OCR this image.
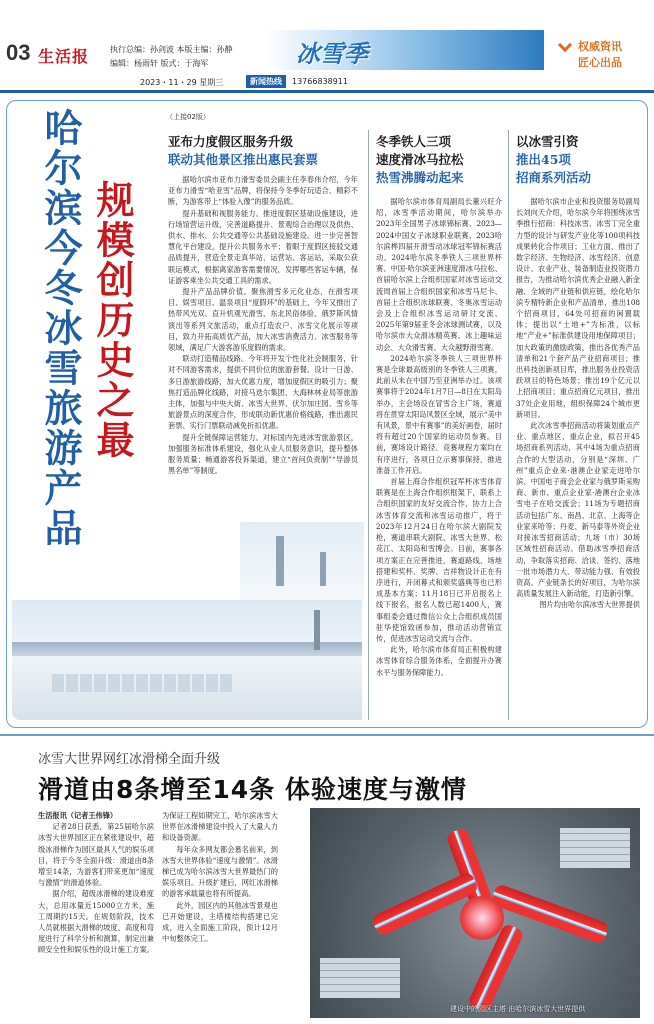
03 生活报	执行总编：孙剑波 本版主编：孙静
编辑：杨雨轩 版式：于海军	冰雪季	权威资讯
匠心出品
2023・11・29 星期三	新闻热线	13766838911
（上接02版）
规模创历史之最
哈尔滨今冬冰雪旅游产品	亚布力度假区服务升级
联动其他景区推出惠民套票

据哈尔滨市亚布力滑雪委员会副主任李春伟介绍，今年亚布力滑雪“哈亚雪”品牌，将保持今冬季好玩适合、精彩不断，为游客带上“体验入像”的服务品质。

提升基础和视服务能力。推进度假区基础设施建设，进行场馆营运升级，完善道路提升、景观综合治理以及供热、供水、排水、公共交通等公共基础设施建设。进一步完善智慧化平台建设，提升公共服务水平；着眼于度假区接驳交通品质提升，营造全景走真华站、运营站、客运站，采取公获联运模式，根据离家游客需要情况，发挥哪些客运车辆，保证游客乘坐公共交通工具的需求。

提升产品品牌价值。聚焦滑雪多元化业态，在滑雪项目、娱雪项目、温泉项目“度假环”的基础上，今年又推出了热带风光双、直升机观光滑雪、东北民俗体验、俄罗斯风情演出等系列文旅活动，重点打造农户、冰雪文化展示等项目，致力开拓高质优产品，加大冰雪消费活力、冰雪服务等领域，满足广大游客游乐度假的需求。

联动打造精品线路。今年将开发个性化社会制服务，针对不同游客需求，提供不同价位的旅游套餐、设计一日游、多日游旅游线路，加大优惠力度，增加度假区的吸引力；聚焦打造品牌化线路，对接马迭尔集团、大海林林业局等旅游主体，加强与中央大街、冰雪大世界、伏尔加庄园、雪乡等旅游景点的深度合作，形成联动新优惠价格线路，推出惠民套票、实行门票联动减免折扣优惠。

提升全链保障运营能力。对标国内先进冰雪旅游景区，加强服务标准体系建设，强化从业人员服务意识，提升整体服务质量；畅通游客投诉渠道，建立“首问负责制”“导游员黑名单”等制度。

冬季铁人三项
速度滑冰马拉松
热雪沸腾动起来

据哈尔滨市体育局副局长董兴旺介绍，冰雪季活动期间，哈尔滨举办2023年全国男子冰球锦标赛、2023—2024中国女子冰球职业联赛、2023哈尔滨桦四届开滑雪动冰球冠军锦标赛活动、2024哈尔滨冬季铁人三项世界杯赛、中国·哈尔滨亚洲速度滑冰马拉松、首届哈尔滨上合组织国家对冰雪运动交流周首届上合组织国家和冰雪马尼卡、首届上合组织冰球联赛、冬奥冰雪运动会及上合组织冰雪运动研讨交流、2025年第9届亚冬会冰球测试赛，以及哈尔滨市大众滑冰精英赛、冰上趣味运动会、大众滑雪赛、大众越野滑雪赛。

2024哈尔滨冬季铁人三项世界杯赛是全球最高级别的冬季铁人三项赛，此前从未在中国乃至亚洲举办过。该项赛事将于2024年1月7日—8日在太阳岛举办，主会场设在冒雪合主广场，赛道将在贯穿太阳岛风景区全域，展示“美中有风景，景中有赛事”的美好画卷，届时将有超过20个国家的运动员参赛。目前，赛场设计路径、竞赛规程方案均在有序进行，各项日立示赛事保持，推进准备工作开启。

首届上海合作组织冠军杯冰雪体育联赛是在上海合作组织框架下，联系上合组织国家的友好交流合作，协力上合冰雪体育交流和冰雪运动推广，将于2023年12月24日在哈尔滨大剧院发枪，赛道串联大剧院、冰雪大世界、松花江、太阳岛和雪博会。目前，赛事各项方案正在完善推进，赛道路线、场地搭建和奖杯、奖牌、吉祥物设计正在有序进行，开闭幕式和颁奖盛典等也已形成基本方案；11月18日已开启报名上线下报名，报名人数已超1400人，赛事组委会通过微信公众上合组织成员国驻华使馆致函参加，推动活动营销宣传，促进冰雪运动交流与合作。

此外，哈尔滨市体育局正积极构建冰雪体育综合服务体系，全面提升办赛水平与服务保障能力。

以冰雪引资
推出45项
招商系列活动

据哈尔滨市企业和投资服务局副局长刘向天介绍，哈尔滨今年将围绕冰雪季推行招商：科技冰雪、冰雪丁完全重力型的设计与研发产业化等100项科技成果转化合作项目；工业方面，推出了数字经济、生物经济、冰雪经济、创意设计、农业产业、装备制造业投资潜力报告，为推动哈尔滨优秀企业融入新金融、全域的产业链和供应链，绘化哈尔滨专精特新企业和产品清单，推出108个招商项目，64处可招商的闲置载体；提出以“土地+”为标准，以标地“产业+”标准供建设用地保障项目；加大政策的激励政策，推出各优秀产品清单和21个套产品产业招商项目；推出科技创新项目库，推出服务业投资活跃项目的特色场景；推出19个亿元以上招商项目；重点招商亿元项目，推出37处企业用地，组织保障24个城市更新项目。

此次冰雪季招商活动将策划重点产业、重点地区、重点企业，拟召开45场招商系列活动，其中4场为重点招商合作的大型活动，分别是“深圳、广州”重点企业来·港澳企业家走进哈尔滨、中国电子商会企业家与俄罗斯采购商、新市、重点企业家·港澳台企业冰雪电子在哈交流会；11场为专题招商活动包括广东、南昌、北京、上海等企业家来哈等；丹麦、新马泰等外资企业对接冰雪招商活动；九场（市）30场区域性招商活动。借助冰雪季招商活动，争取落实招商、洽谈、签约、落地一批市场潜力大、带动能力强、有效投资高、产业链条长的好项目，为哈尔滨高质量发展注入新动能，打造新引擎。

图片均由哈尔滨冰雪大世界提供

冰雪大世界网红冰滑梯全面升级
滑道由8条增至14条 体验速度与激情

生活报讯（记者王伟锋）

记者28日获悉，第25届哈尔滨冰雪大世界园区正在紧张建设中，超级冰滑梯作为园区最具人气的娱乐项目，将于今冬全面升级：滑道由8条增至14条，为游客们带来更加“速度与激情”的滑道体验。

据介绍，超级冰滑梯的建设难度大，总用冰量近15000立方米，施工周期约15天。在规划阶段，技术人员就根据大滑梯的坡度、高度和弯度进行了科学分析和测算，制定出兼顾安全性和娱乐性的设计施工方案。为保证工程如期完工，哈尔滨冰雪大世界在冰滑梯建设中投入了大量人力和设备资源。

每年众多网友都会慕名前来，到冰雪大世界体验“速度与激情”。冰滑梯已成为哈尔滨冰雪大世界最热门的娱乐项目。升级扩建后，网红冰滑梯的游客承载量也将有所提高。

此外，园区内的其他冰雪景观也已开始建设，主塔楼结构搭建已完成，进入全面施工阶段，预计12月中旬整体完工。

建设中的园区主塔 由哈尔滨冰雪大世界提供
